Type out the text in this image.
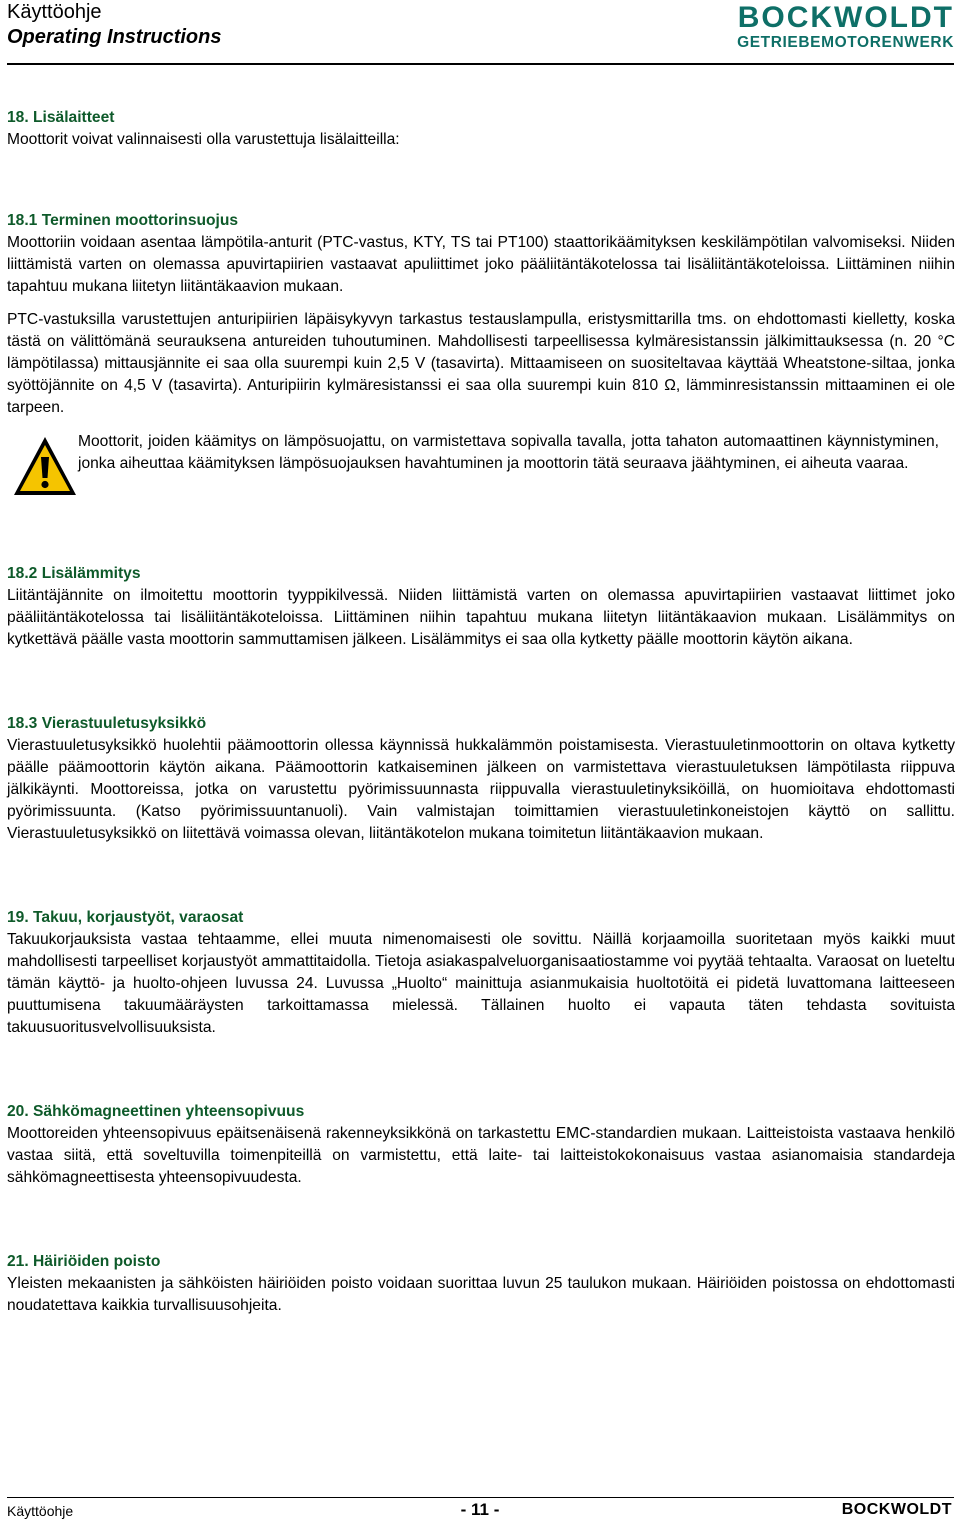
Käyttöohje
Operating Instructions
BOCKWOLDT
GETRIEBEMOTORENWERK
18. Lisälaitteet

Moottorit voivat valinnaisesti olla varustettuja lisälaitteilla:

18.1 Terminen moottorinsuojus

Moottoriin voidaan asentaa lämpötila-anturit (PTC-vastus, KTY, TS tai PT100) staattorikäämityksen keskilämpötilan valvomiseksi. Niiden liittämistä varten on olemassa apuvirtapiirien vastaavat apuliittimet joko pääliitäntäkotelossa tai lisäliitäntäkoteloissa. Liittäminen niihin tapahtuu mukana liitetyn liitäntäkaavion mukaan.

PTC-vastuksilla varustettujen anturipiirien läpäisykyvyn tarkastus testauslampulla, eristysmittarilla tms. on ehdottomasti kielletty, koska tästä on välittömänä seurauksena antureiden tuhoutuminen. Mahdollisesti tarpeellisessa kylmäresistanssin jälkimittauksessa (n. 20 °C lämpötilassa) mittausjännite ei saa olla suurempi kuin 2,5 V (tasavirta). Mittaamiseen on suositeltavaa käyttää Wheatstone-siltaa, jonka syöttöjännite on 4,5 V (tasavirta). Anturipiirin kylmäresistanssi ei saa olla suurempi kuin 810 Ω, lämminresistanssin mittaaminen ei ole tarpeen.

Moottorit, joiden käämitys on lämpösuojattu, on varmistettava sopivalla tavalla, jotta tahaton automaattinen käynnistyminen, jonka aiheuttaa käämityksen lämpösuojauksen havahtuminen ja moottorin tätä seuraava jäähtyminen, ei aiheuta vaaraa.

18.2 Lisälämmitys

Liitäntäjännite on ilmoitettu moottorin tyyppikilvessä. Niiden liittämistä varten on olemassa apuvirtapiirien vastaavat liittimet joko pääliitäntäkotelossa tai lisäliitäntäkoteloissa. Liittäminen niihin tapahtuu mukana liitetyn liitäntäkaavion mukaan. Lisälämmitys on kytkettävä päälle vasta moottorin sammuttamisen jälkeen. Lisälämmitys ei saa olla kytketty päälle moottorin käytön aikana.

18.3 Vierastuuletusyksikkö

Vierastuuletusyksikkö huolehtii päämoottorin ollessa käynnissä hukkalämmön poistamisesta. Vierastuuletinmoottorin on oltava kytketty päälle päämoottorin käytön aikana. Päämoottorin katkaiseminen jälkeen on varmistettava vierastuuletuksen lämpötilasta riippuva jälkikäynti. Moottoreissa, jotka on varustettu pyörimissuunnasta riippuvalla vierastuuletinyksiköillä, on huomioitava ehdottomasti pyörimissuunta. (Katso pyörimissuuntanuoli). Vain valmistajan toimittamien vierastuuletinkoneistojen käyttö on sallittu. Vierastuuletusyksikkö on liitettävä voimassa olevan, liitäntäkotelon mukana toimitetun liitäntäkaavion mukaan.

19. Takuu, korjaustyöt, varaosat

Takuukorjauksista vastaa tehtaamme, ellei muuta nimenomaisesti ole sovittu. Näillä korjaamoilla suoritetaan myös kaikki muut mahdollisesti tarpeelliset korjaustyöt ammattitaidolla. Tietoja asiakaspalveluorganisaatiostamme voi pyytää tehtaalta. Varaosat on lueteltu tämän käyttö- ja huolto-ohjeen luvussa 24. Luvussa „Huolto“ mainittuja asianmukaisia huoltotöitä ei pidetä luvattomana laitteeseen puuttumisena takuumääräysten tarkoittamassa mielessä. Tällainen huolto ei vapauta täten tehdasta sovituista takuusuoritusvelvollisuuksista.

20. Sähkömagneettinen yhteensopivuus

Moottoreiden yhteensopivuus epäitsenäisenä rakenneyksikkönä on tarkastettu EMC-standardien mukaan. Laitteistoista vastaava henkilö vastaa siitä, että soveltuvilla toimenpiteillä on varmistettu, että laite- tai laitteistokokonaisuus vastaa asianomaisia standardeja sähkömagneettisesta yhteensopivuudesta.

21. Häiriöiden poisto

Yleisten mekaanisten ja sähköisten häiriöiden poisto voidaan suorittaa luvun 25 taulukon mukaan. Häiriöiden poistossa on ehdottomasti noudatettava kaikkia turvallisuusohjeita.

Käyttöohje	- 11 -	BOCKWOLDT
